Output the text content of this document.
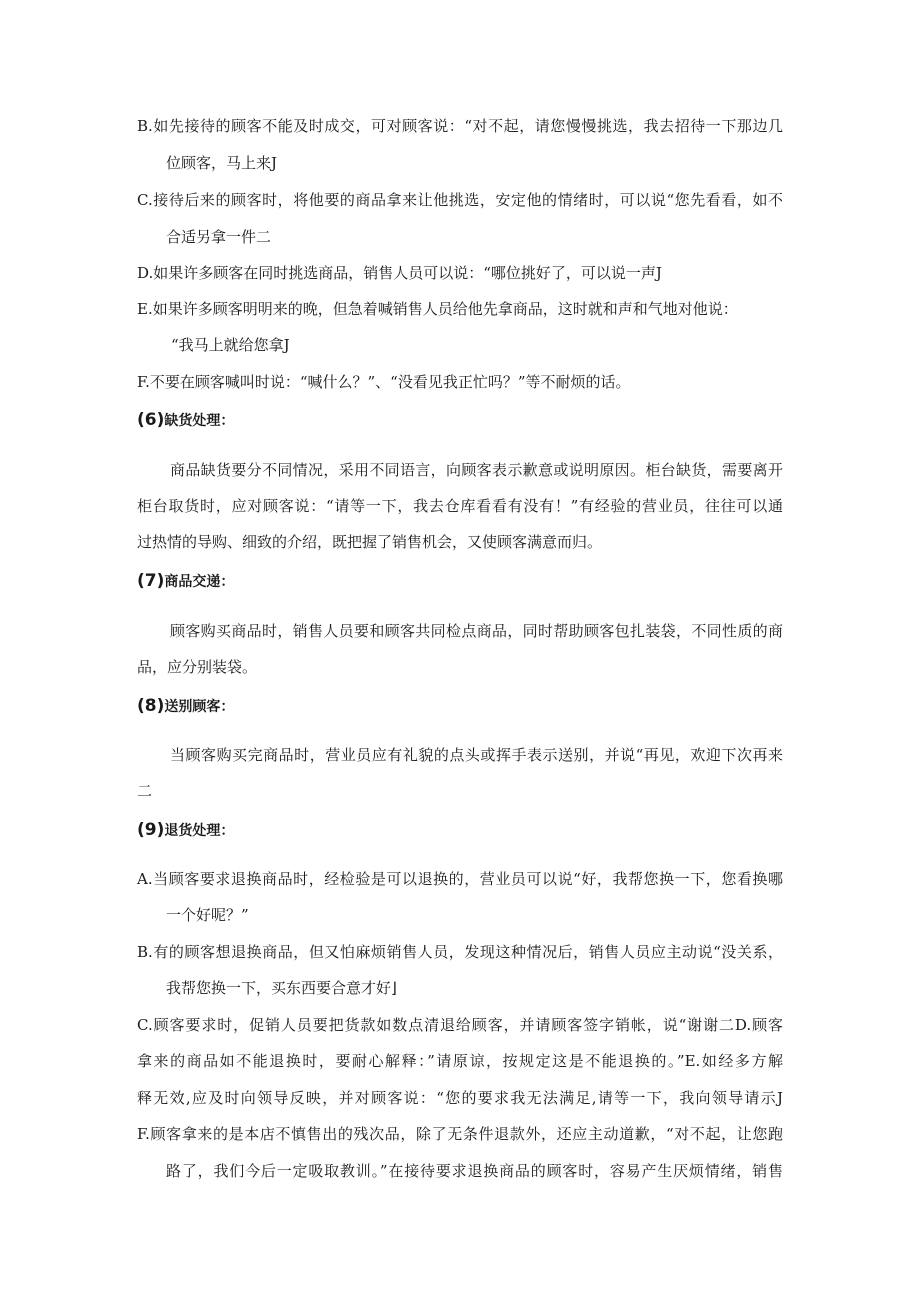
B.如先接待的顾客不能及时成交，可对顾客说：“对不起，请您慢慢挑选，我去招待一下那边几
位顾客，马上来J
C.接待后来的顾客时，将他要的商品拿来让他挑选，安定他的情绪时，可以说“您先看看，如不
合适另拿一件二
D.如果许多顾客在同时挑选商品，销售人员可以说：“哪位挑好了，可以说一声J
E.如果许多顾客明明来的晚，但急着喊销售人员给他先拿商品，这时就和声和气地对他说：
“我马上就给您拿J
F.不要在顾客喊叫时说：“喊什么？”、“没看见我正忙吗？”等不耐烦的话。
(6)缺货处理：
商品缺货要分不同情况，采用不同语言，向顾客表示歉意或说明原因。柜台缺货，需要离开
柜台取货时，应对顾客说：“请等一下，我去仓库看看有没有！”有经验的营业员，往往可以通
过热情的导购、细致的介绍，既把握了销售机会，又使顾客满意而归。
(7)商品交递：
顾客购买商品时，销售人员要和顾客共同检点商品，同时帮助顾客包扎装袋，不同性质的商
品，应分别装袋。
(8)送别顾客：
当顾客购买完商品时，营业员应有礼貌的点头或挥手表示送别，并说“再见，欢迎下次再来
二
(9)退货处理：
A.当顾客要求退换商品时，经检验是可以退换的，营业员可以说“好，我帮您换一下，您看换哪
一个好呢？”
B.有的顾客想退换商品，但又怕麻烦销售人员，发现这种情况后，销售人员应主动说“没关系，
我帮您换一下，买东西要合意才好⌋
C.顾客要求时，促销人员要把货款如数点清退给顾客，并请顾客签字销帐，说“谢谢二D.顾客
拿来的商品如不能退换时，要耐心解释：”请原谅，按规定这是不能退换的。”E.如经多方解
释无效,应及时向领导反映，并对顾客说：“您的要求我无法满足,请等一下，我向领导请示J
F.顾客拿来的是本店不慎售出的残次品，除了无条件退款外，还应主动道歉，“对不起，让您跑
路了，我们今后一定吸取教训。”在接待要求退换商品的顾客时，容易产生厌烦情绪，销售
